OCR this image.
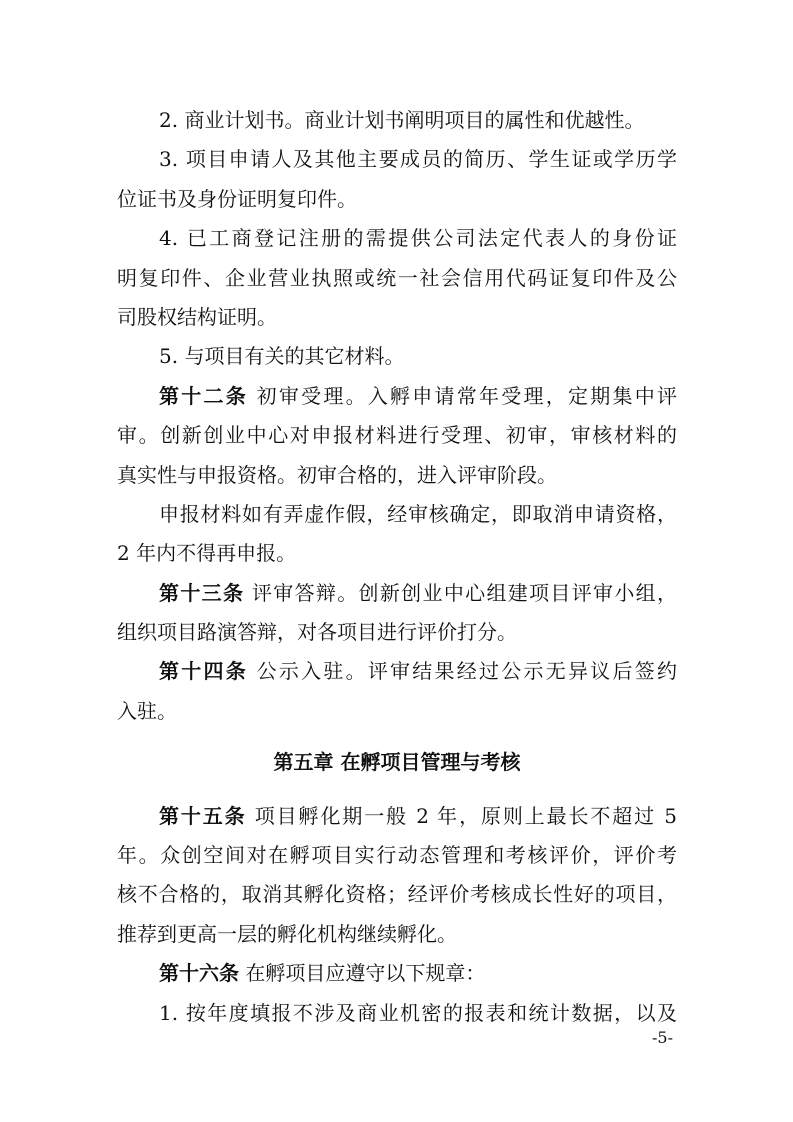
2. 商业计划书。商业计划书阐明项目的属性和优越性。
3. 项目申请人及其他主要成员的简历、学生证或学历学
位证书及身份证明复印件。
4. 已工商登记注册的需提供公司法定代表人的身份证
明复印件、企业营业执照或统一社会信用代码证复印件及公
司股权结构证明。
5. 与项目有关的其它材料。
第十二条 初审受理。入孵申请常年受理，定期集中评
审。创新创业中心对申报材料进行受理、初审，审核材料的
真实性与申报资格。初审合格的，进入评审阶段。
申报材料如有弄虚作假，经审核确定，即取消申请资格，
2 年内不得再申报。
第十三条 评审答辩。创新创业中心组建项目评审小组，
组织项目路演答辩，对各项目进行评价打分。
第十四条 公示入驻。评审结果经过公示无异议后签约
入驻。
第五章 在孵项目管理与考核
第十五条 项目孵化期一般 2 年，原则上最长不超过 5
年。众创空间对在孵项目实行动态管理和考核评价，评价考
核不合格的，取消其孵化资格；经评价考核成长性好的项目，
推荐到更高一层的孵化机构继续孵化。
第十六条 在孵项目应遵守以下规章：
1. 按年度填报不涉及商业机密的报表和统计数据，以及
-5-
